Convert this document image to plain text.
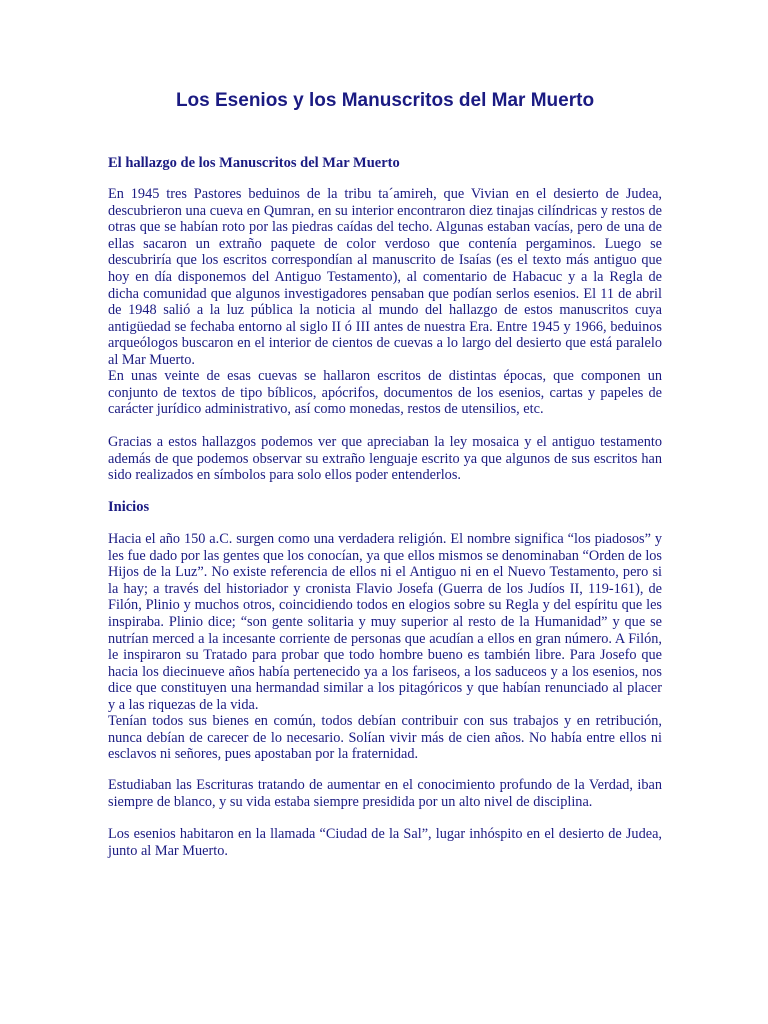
Los Esenios y los Manuscritos del Mar Muerto
El hallazgo de los Manuscritos del Mar Muerto

En 1945 tres Pastores beduinos de la tribu ta´amireh, que Vivian en el desierto de Judea, descubrieron una cueva en Qumran, en su interior encontraron diez tinajas cilíndricas y restos de otras que se habían roto por las piedras caídas del techo. Algunas estaban vacías, pero de una de ellas sacaron un extraño paquete de color verdoso que contenía pergaminos. Luego se descubriría que los escritos correspondían al manuscrito de Isaías (es el texto más antiguo que hoy en día disponemos del Antiguo Testamento), al comentario de Habacuc y a la Regla de dicha comunidad que algunos investigadores pensaban que podían serlos esenios. El 11 de abril de 1948 salió a la luz pública la noticia al mundo del hallazgo de estos manuscritos cuya antigüedad se fechaba entorno al siglo II ó III antes de nuestra Era. Entre 1945 y 1966, beduinos arqueólogos buscaron en el interior de cientos de cuevas a lo largo del desierto que está paralelo al Mar Muerto.

En unas veinte de esas cuevas se hallaron escritos de distintas épocas, que componen un conjunto de textos de tipo bíblicos, apócrifos, documentos de los esenios, cartas y papeles de carácter jurídico administrativo, así como monedas, restos de utensilios, etc.

Gracias a estos hallazgos podemos ver que apreciaban la ley mosaica y el antiguo testamento además de que podemos observar su extraño lenguaje escrito ya que algunos de sus escritos han sido realizados en símbolos para solo ellos poder entenderlos.

Inicios

Hacia el año 150 a.C. surgen como una verdadera religión. El nombre significa “los piadosos” y les fue dado por las gentes que los conocían, ya que ellos mismos se denominaban “Orden de los Hijos de la Luz”. No existe referencia de ellos ni el Antiguo ni en el Nuevo Testamento, pero si la hay; a través del historiador y cronista Flavio Josefa (Guerra de los Judíos II, 119-161), de Filón, Plinio y muchos otros, coincidiendo todos en elogios sobre su Regla y del espíritu que les inspiraba. Plinio dice; “son gente solitaria y muy superior al resto de la Humanidad” y que se nutrían merced a la incesante corriente de personas que acudían a ellos en gran número. A Filón, le inspiraron su Tratado para probar que todo hombre bueno es también libre. Para Josefo que hacia los diecinueve años había pertenecido ya a los fariseos, a los saduceos y a los esenios, nos dice que constituyen una hermandad similar a los pitagóricos y que habían renunciado al placer y a las riquezas de la vida.

Tenían todos sus bienes en común, todos debían contribuir con sus trabajos y en retribución, nunca debían de carecer de lo necesario. Solían vivir más de cien años. No había entre ellos ni esclavos ni señores, pues apostaban por la fraternidad.

Estudiaban las Escrituras tratando de aumentar en el conocimiento profundo de la Verdad, iban siempre de blanco, y su vida estaba siempre presidida por un alto nivel de disciplina.

Los esenios habitaron en la llamada “Ciudad de la Sal”, lugar inhóspito en el desierto de Judea, junto al Mar Muerto.
